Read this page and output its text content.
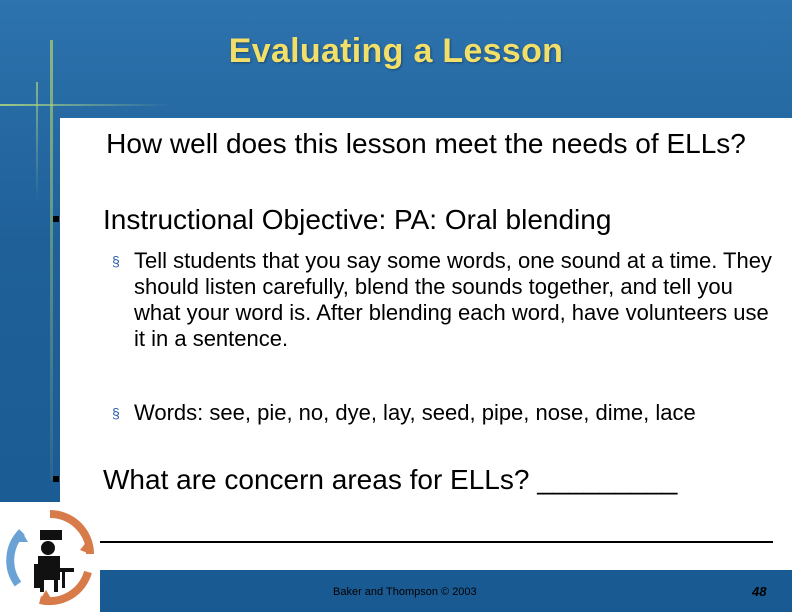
Evaluating a Lesson
How well does this lesson meet the needs of ELLs?
Instructional Objective: PA: Oral blending
§ Tell students that you say some words, one sound at a time. They should listen carefully, blend the sounds together, and tell you what your word is. After blending each word, have volunteers use it in a sentence.
§ Words: see, pie, no, dye, lay, seed, pipe, nose, dime, lace
What are concern areas for ELLs? _________
Baker and Thompson © 2003	48
